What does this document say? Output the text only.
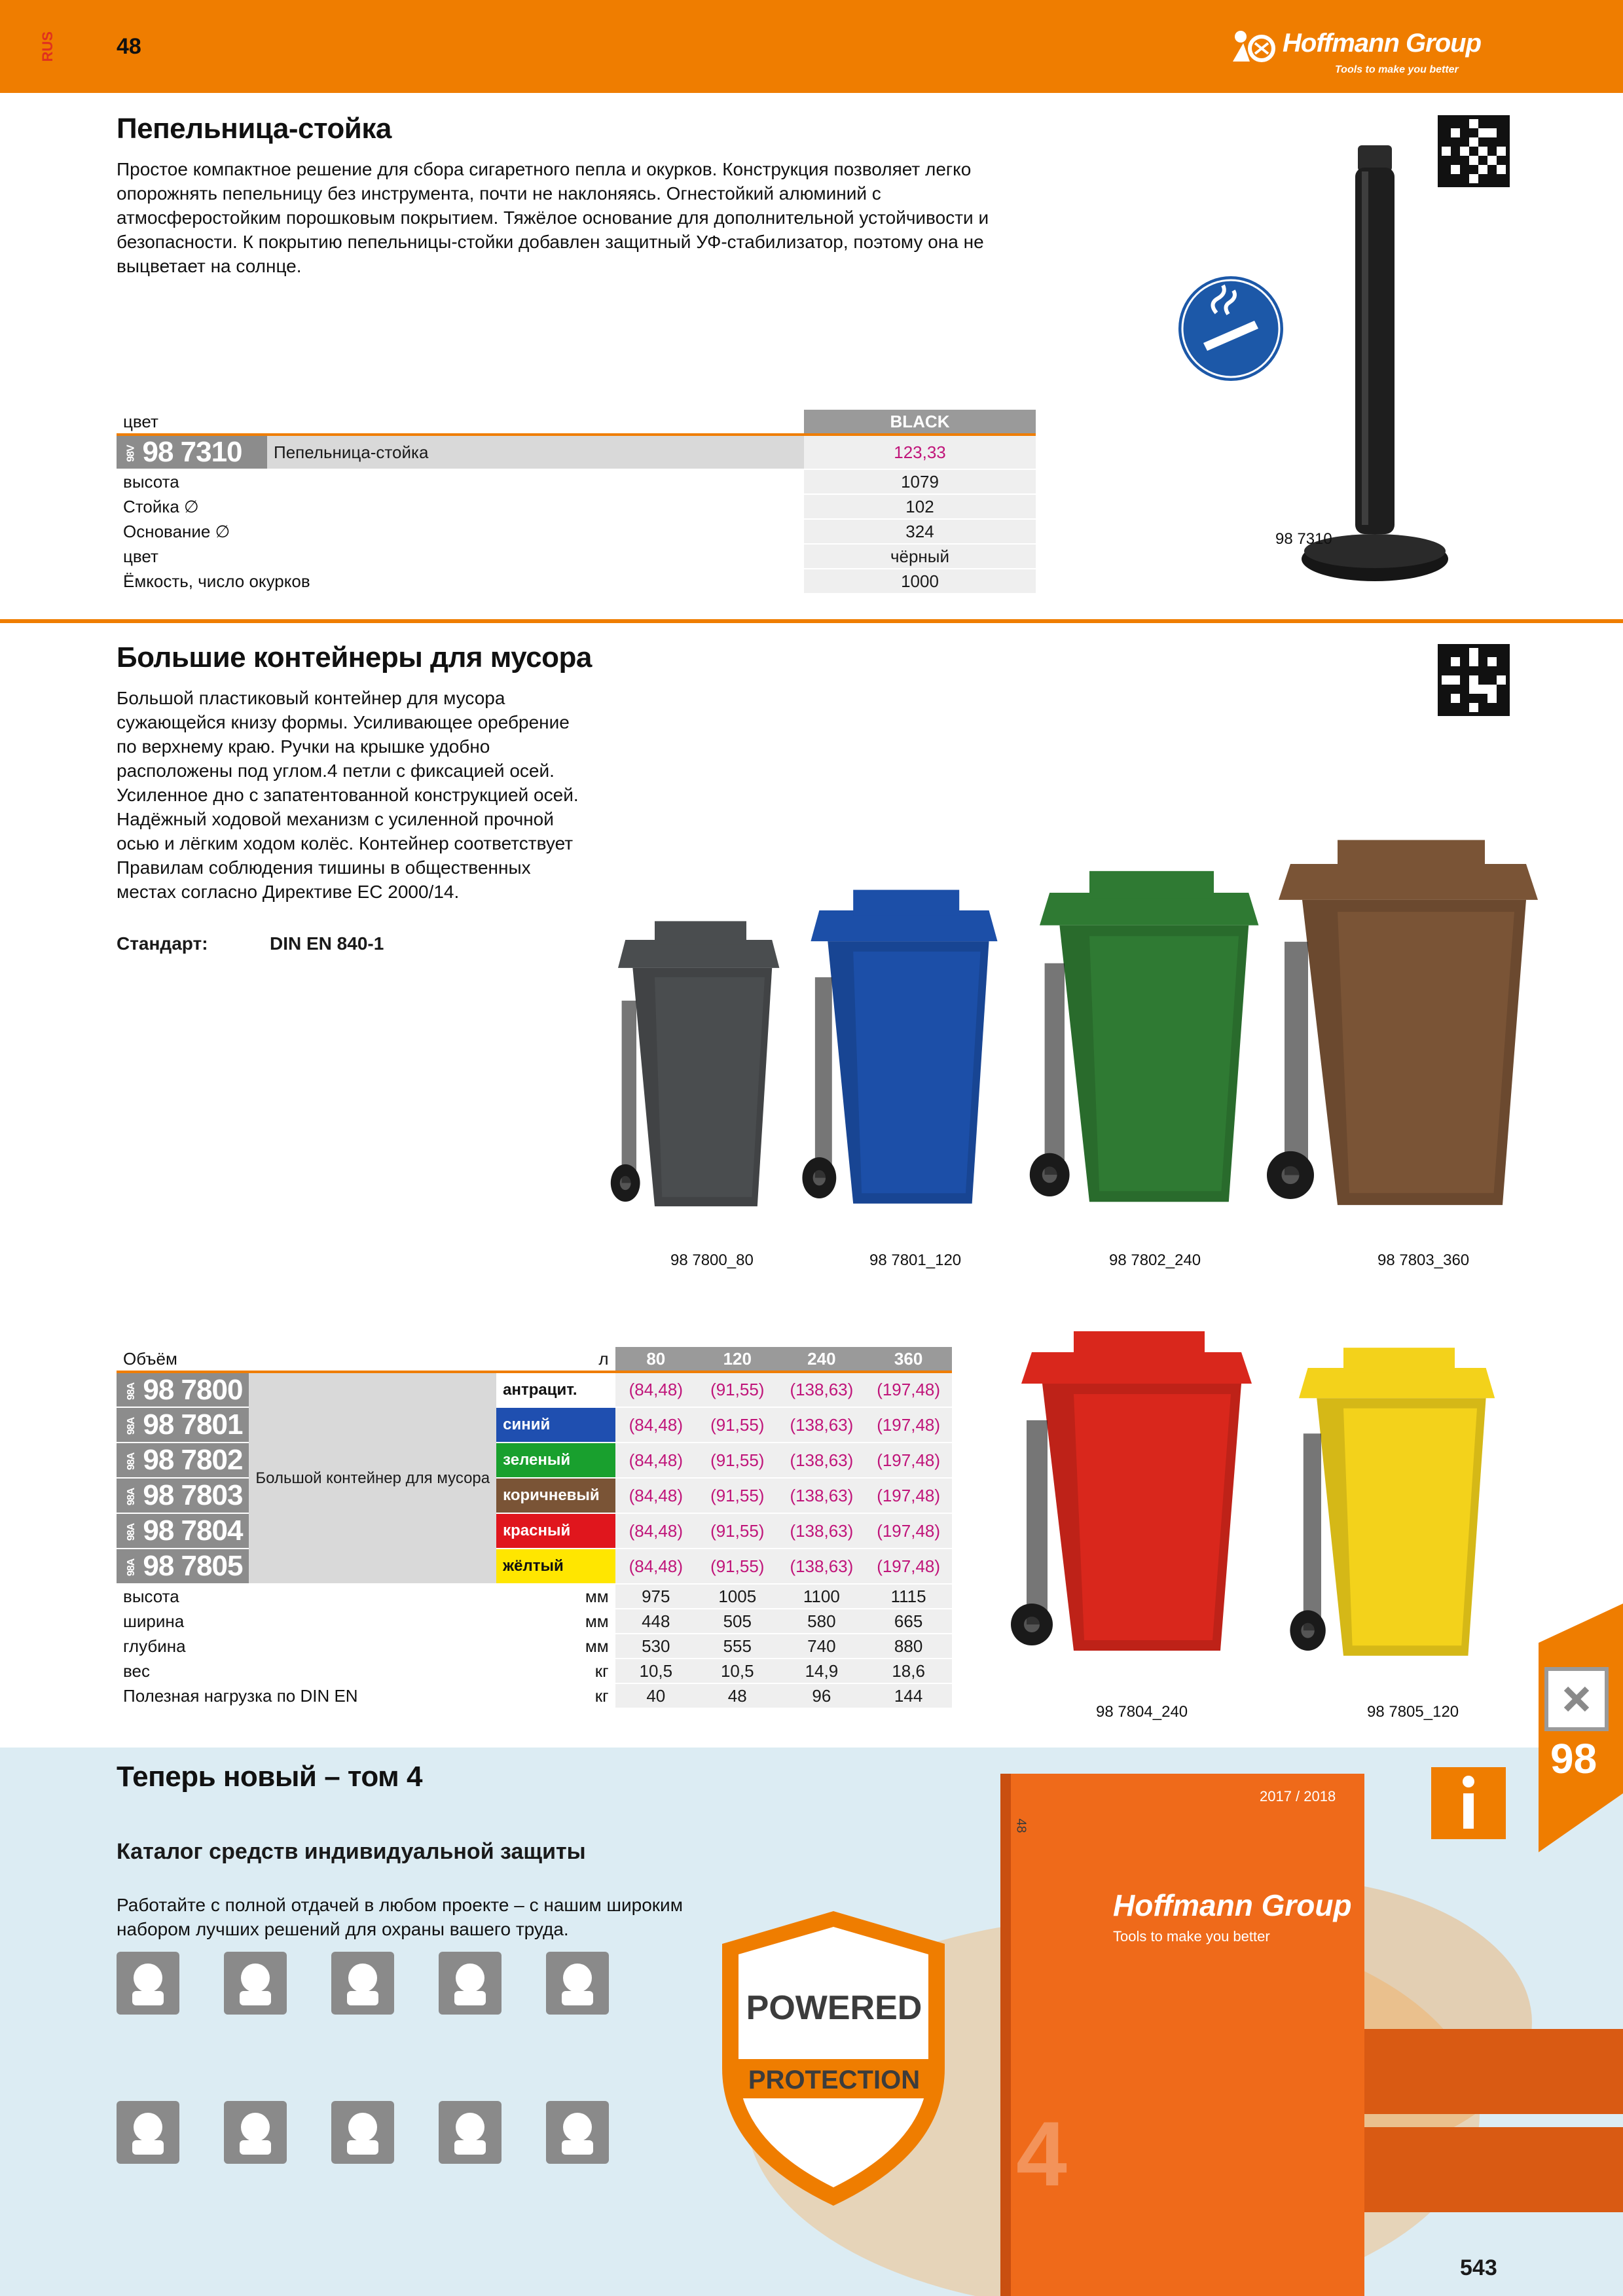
RUS	48	Hoffmann Group
Tools to make you better
Пепельница-стойка

Простое компактное решение для сбора сигаретного пепла и окурков. Конструкция позволяет легко опорожнять пепельницу без инструмента, почти не наклоняясь. Огнестойкий алюминий с атмосферостойким порошковым покрытием. Тяжёлое основание для дополнительной устойчивости и безопасности. К покрытию пепельницы-стойки добавлен защитный УФ-стабилизатор, поэтому она не выцветает на солнце.

98 7310
цвет		BLACK
98V 98 7310	Пепельница-стойка	123,33
высота		1079
Стойка ∅		102
Основание ∅		324
цвет		чёрный
Ёмкость, число окурков		1000
Большие контейнеры для мусора

Большой пластиковый контейнер для мусора сужающейся книзу формы. Усиливающее оребрение по верхнему краю. Ручки на крышке удобно расположены под углом.4 петли с фиксацией осей. Усиленное дно с запатентованной конструкцией осей. Надёжный ходовой механизм с усиленной прочной осью и лёгким ходом колёс. Контейнер соответствует Правилам соблюдения тишины в общественных местах согласно Директиве ЕС 2000/14.

Стандарт:	DIN EN 840-1
98 7800_80	98 7801_120	98 7802_240	98 7803_360
98 7804_240	98 7805_120
Объём		л	80	120	240	360
98A 98 7800	Большой контейнер для мусора	антрацит.	(84,48)	(91,55)	(138,63)	(197,48)
98A 98 7801		синий	(84,48)	(91,55)	(138,63)	(197,48)
98A 98 7802		зеленый	(84,48)	(91,55)	(138,63)	(197,48)
98A 98 7803		коричневый	(84,48)	(91,55)	(138,63)	(197,48)
98A 98 7804		красный	(84,48)	(91,55)	(138,63)	(197,48)
98A 98 7805		жёлтый	(84,48)	(91,55)	(138,63)	(197,48)
высота		мм	975	1005	1100	1115
ширина		мм	448	505	580	665
глубина		мм	530	555	740	880
вес		кг	10,5	10,5	14,9	18,6
Полезная нагрузка по DIN EN		кг	40	48	96	144
Теперь новый – том 4
Каталог средств индивидуальной защиты

Работайте с полной отдачей в любом проекте – с нашим широким набором лучших решений для охраны вашего труда.

POWERED
BY
PROTECTION
2017 / 2018
48
Hoffmann Group
Tools to make you better
4
98
543
